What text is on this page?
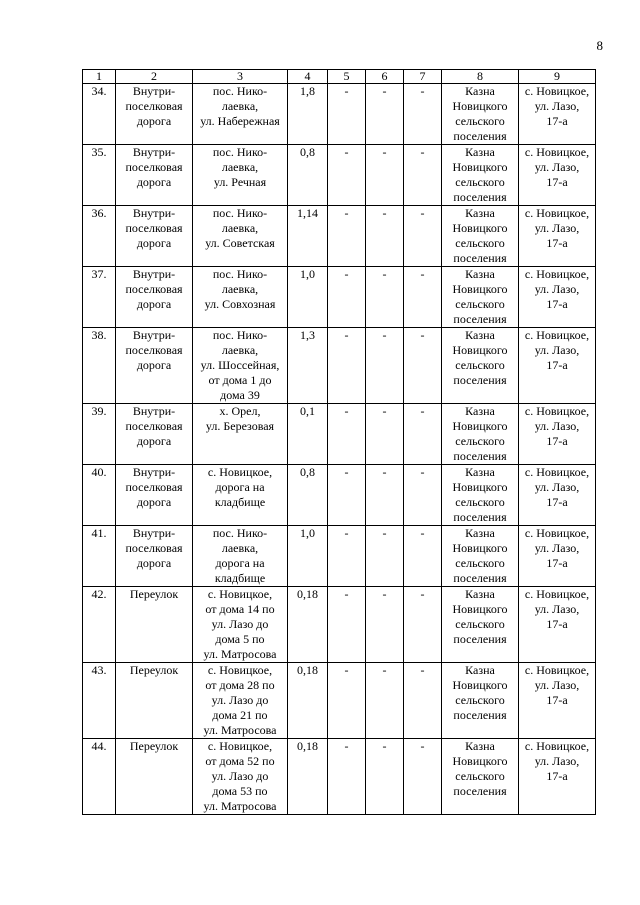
8
1	2	3	4	5	6	7	8	9
34.	Внутри-
поселковая
дорога	пос. Нико-
лаевка,
ул. Набережная	1,8	-	-	-	Казна
Новицкого
сельского
поселения	с. Новицкое,
ул. Лазо,
17-а
35.	Внутри-
поселковая
дорога	пос. Нико-
лаевка,
ул. Речная	0,8	-	-	-	Казна
Новицкого
сельского
поселения	с. Новицкое,
ул. Лазо,
17-а
36.	Внутри-
поселковая
дорога	пос. Нико-
лаевка,
ул. Советская	1,14	-	-	-	Казна
Новицкого
сельского
поселения	с. Новицкое,
ул. Лазо,
17-а
37.	Внутри-
поселковая
дорога	пос. Нико-
лаевка,
ул. Совхозная	1,0	-	-	-	Казна
Новицкого
сельского
поселения	с. Новицкое,
ул. Лазо,
17-а
38.	Внутри-
поселковая
дорога	пос. Нико-
лаевка,
ул. Шоссейная,
от дома 1 до
дома 39	1,3	-	-	-	Казна
Новицкого
сельского
поселения	с. Новицкое,
ул. Лазо,
17-а
39.	Внутри-
поселковая
дорога	х. Орел,
ул. Березовая	0,1	-	-	-	Казна
Новицкого
сельского
поселения	с. Новицкое,
ул. Лазо,
17-а
40.	Внутри-
поселковая
дорога	с. Новицкое,
дорога на
кладбище	0,8	-	-	-	Казна
Новицкого
сельского
поселения	с. Новицкое,
ул. Лазо,
17-а
41.	Внутри-
поселковая
дорога	пос. Нико-
лаевка,
дорога на
кладбище	1,0	-	-	-	Казна
Новицкого
сельского
поселения	с. Новицкое,
ул. Лазо,
17-а
42.	Переулок	с. Новицкое,
от дома 14 по
ул. Лазо до
дома 5 по
ул. Матросова	0,18	-	-	-	Казна
Новицкого
сельского
поселения	с. Новицкое,
ул. Лазо,
17-а
43.	Переулок	с. Новицкое,
от дома 28 по
ул. Лазо до
дома 21 по
ул. Матросова	0,18	-	-	-	Казна
Новицкого
сельского
поселения	с. Новицкое,
ул. Лазо,
17-а
44.	Переулок	с. Новицкое,
от дома 52 по
ул. Лазо до
дома 53 по
ул. Матросова	0,18	-	-	-	Казна
Новицкого
сельского
поселения	с. Новицкое,
ул. Лазо,
17-а
